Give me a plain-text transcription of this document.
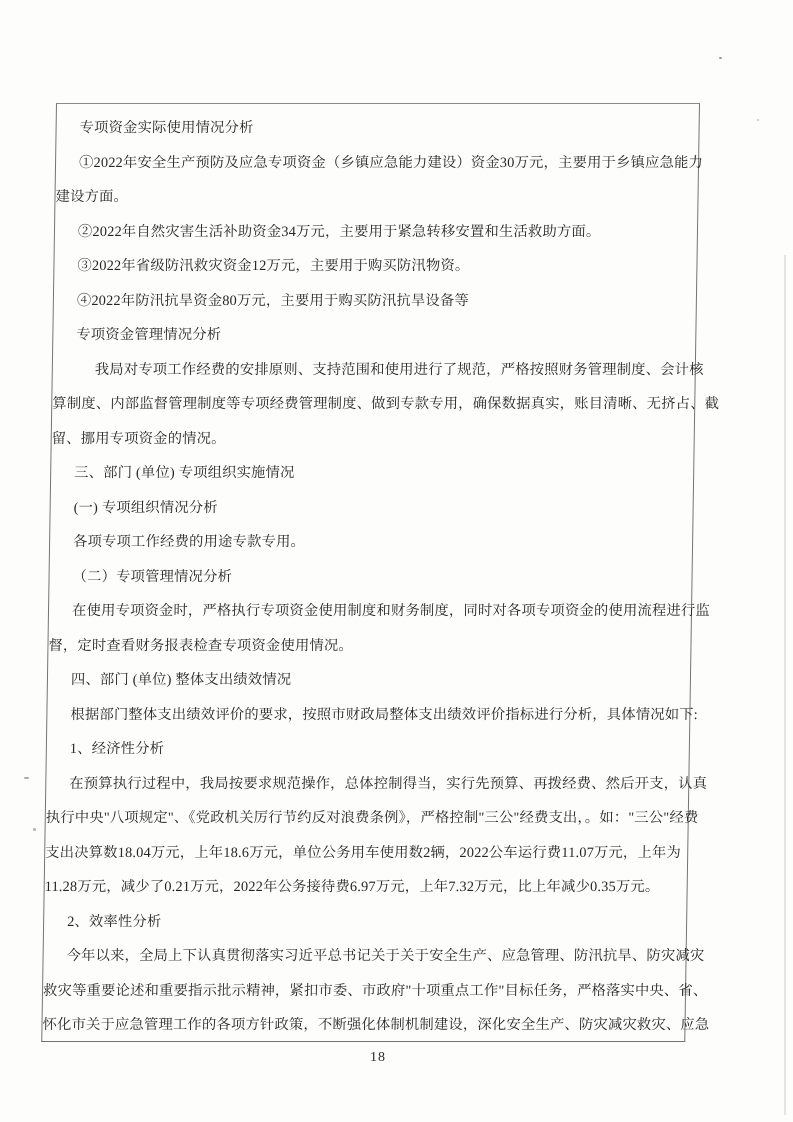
专项资金实际使用情况分析
①2022年安全生产预防及应急专项资金（乡镇应急能力建设）资金30万元，主要用于乡镇应急能力
建设方面。
②2022年自然灾害生活补助资金34万元，主要用于紧急转移安置和生活救助方面。
③2022年省级防汛救灾资金12万元，主要用于购买防汛物资。
④2022年防汛抗旱资金80万元，主要用于购买防汛抗旱设备等
专项资金管理情况分析
我局对专项工作经费的安排原则、支持范围和使用进行了规范，严格按照财务管理制度、会计核
算制度、内部监督管理制度等专项经费管理制度、做到专款专用，确保数据真实，账目清晰、无挤占、截
留、挪用专项资金的情况。
三、部门 (单位) 专项组织实施情况
(一) 专项组织情况分析
各项专项工作经费的用途专款专用。
（二）专项管理情况分析
在使用专项资金时，严格执行专项资金使用制度和财务制度，同时对各项专项资金的使用流程进行监
督，定时查看财务报表检查专项资金使用情况。
四、部门 (单位) 整体支出绩效情况
根据部门整体支出绩效评价的要求，按照市财政局整体支出绩效评价指标进行分析，具体情况如下:
1、经济性分析
在预算执行过程中，我局按要求规范操作，总体控制得当，实行先预算、再拨经费、然后开支，认真
执行中央"八项规定"、《党政机关厉行节约反对浪费条例》，严格控制"三公"经费支出，。如："三公"经费
支出决算数18.04万元，上年18.6万元，单位公务用车使用数2辆，2022公车运行费11.07万元，上年为
11.28万元，减少了0.21万元，2022年公务接待费6.97万元，上年7.32万元，比上年减少0.35万元。
2、效率性分析
今年以来，全局上下认真贯彻落实习近平总书记关于关于安全生产、应急管理、防汛抗旱、防灾减灾
救灾等重要论述和重要指示批示精神，紧扣市委、市政府"十项重点工作"目标任务，严格落实中央、省、
怀化市关于应急管理工作的各项方针政策，不断强化体制机制建设，深化安全生产、防灾减灾救灾、应急
18
